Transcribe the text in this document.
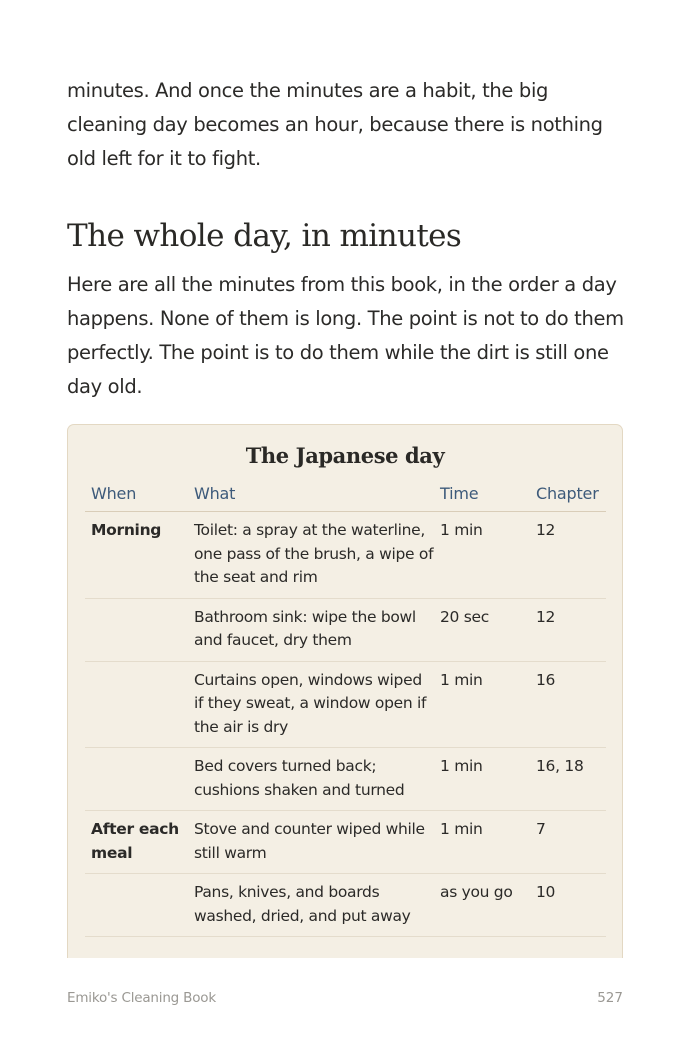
minutes. And once the minutes are a habit, the big cleaning day becomes an hour, because there is nothing old left for it to fight.

The whole day, in minutes

Here are all the minutes from this book, in the order a day happens. None of them is long. The point is not to do them perfectly. The point is to do them while the dirt is still one day old.

The Japanese day
When	What	Time	Chapter
Morning	Toilet: a spray at the waterline, one pass of the brush, a wipe of the seat and rim	1 min	12
	Bathroom sink: wipe the bowl and faucet, dry them	20 sec	12
	Curtains open, windows wiped if they sweat, a window open if the air is dry	1 min	16
	Bed covers turned back; cushions shaken and turned	1 min	16, 18
After each meal	Stove and counter wiped while still warm	1 min	7
	Pans, knives, and boards washed, dried, and put away	as you go	10
Emiko's Cleaning Book	527
